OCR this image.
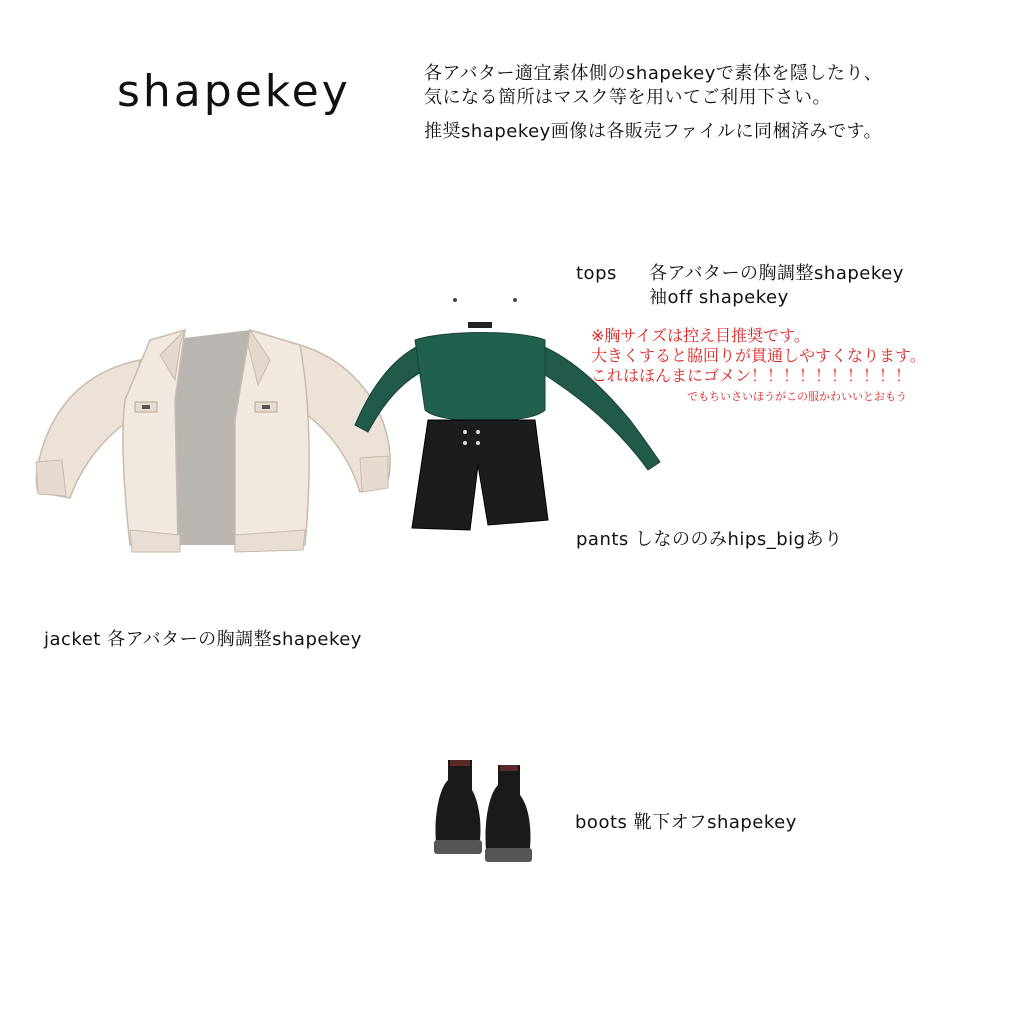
shapekey	各アバター適宜素体側のshapekeyで素体を隠したり、
気になる箇所はマスク等を用いてご利用下さい。
推奨shapekey画像は各販売ファイルに同梱済みです。
tops 各アバターの胸調整shapekey
袖off shapekey
※胸サイズは控え目推奨です。
大きくすると脇回りが貫通しやすくなります。
これはほんまにゴメン！！！！！！！！！！
でもちいさいほうがこの服かわいいとおもう
pants しなののみhips_bigあり
jacket 各アバターの胸調整shapekey
boots 靴下オフshapekey
